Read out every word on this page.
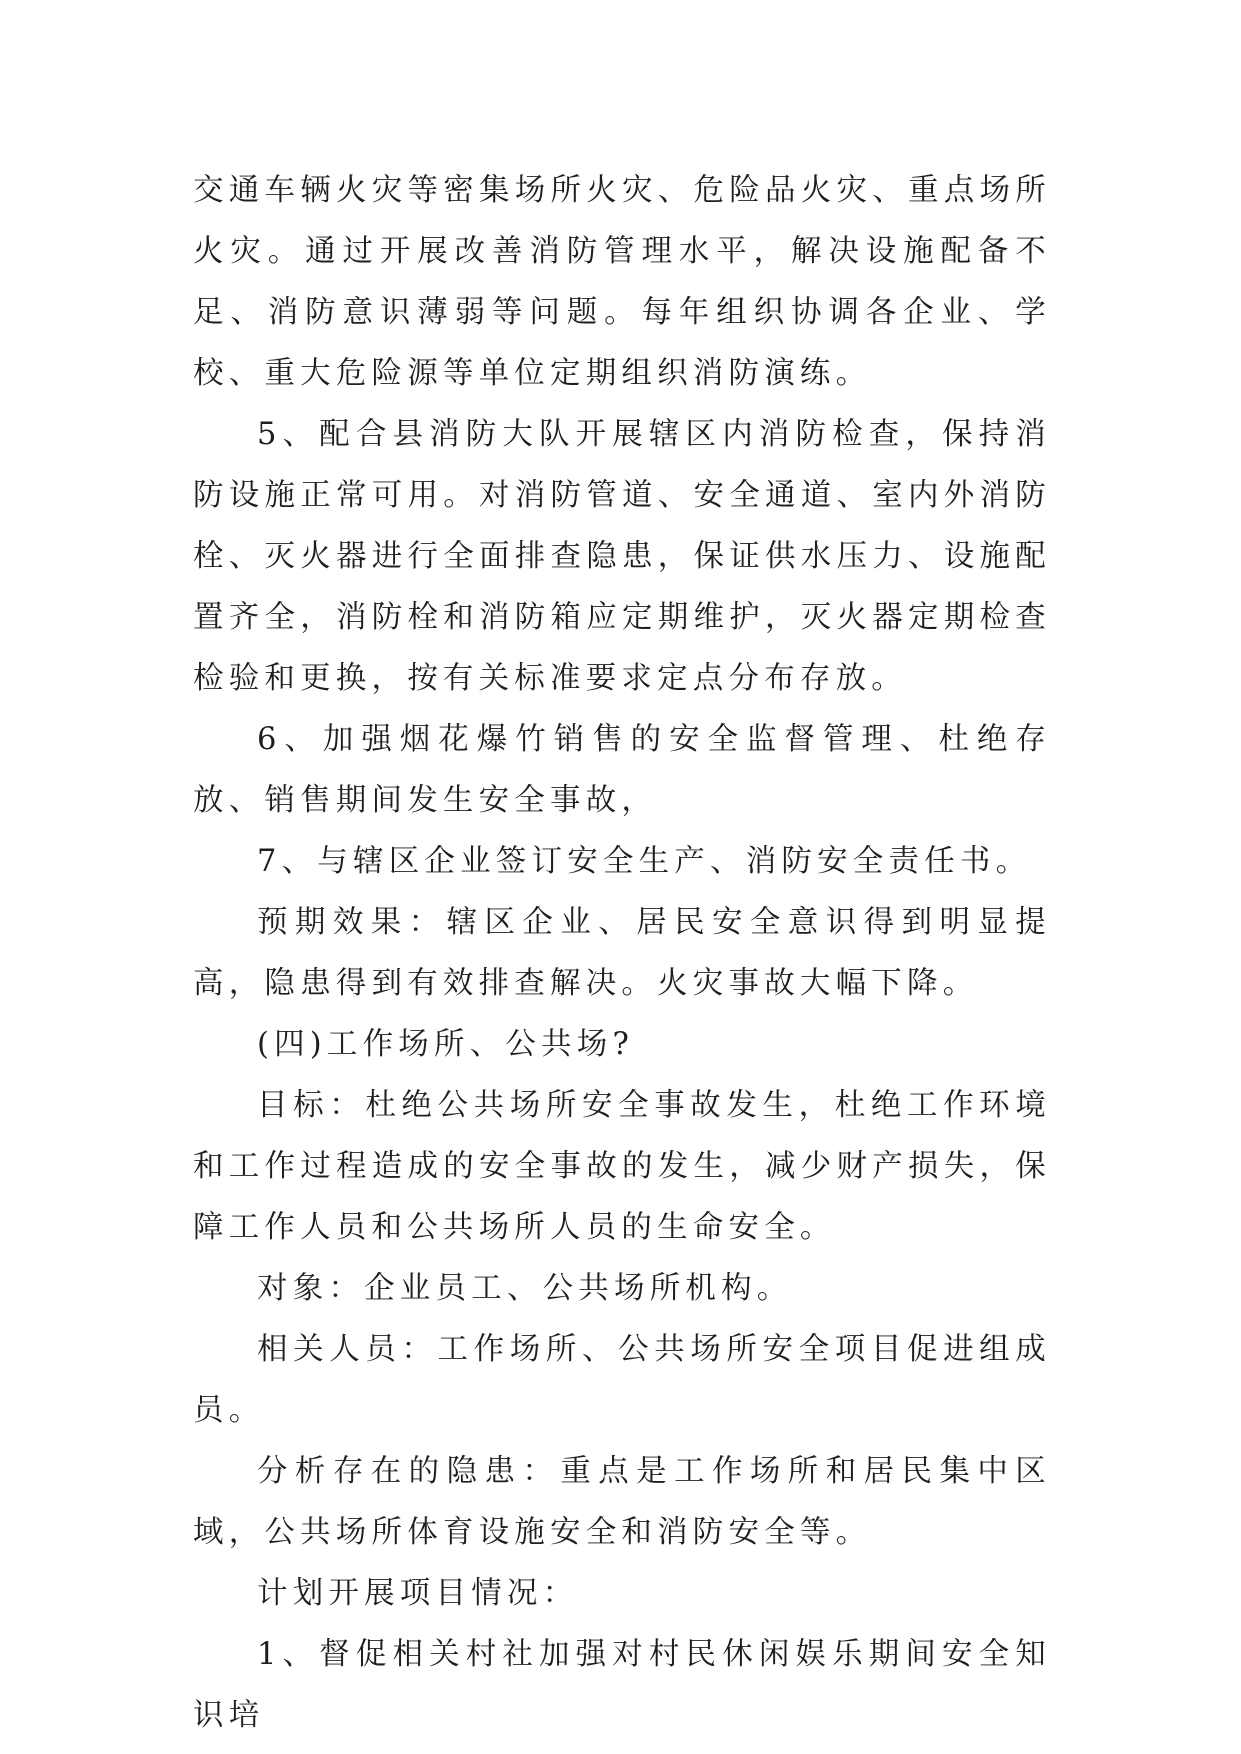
交通车辆火灾等密集场所火灾、危险品火灾、重点场所火灾。通过开展改善消防管理水平，解决设施配备不足、消防意识薄弱等问题。每年组织协调各企业、学校、重大危险源等单位定期组织消防演练。

5、配合县消防大队开展辖区内消防检查，保持消防设施正常可用。对消防管道、安全通道、室内外消防栓、灭火器进行全面排查隐患，保证供水压力、设施配置齐全，消防栓和消防箱应定期维护，灭火器定期检查检验和更换，按有关标准要求定点分布存放。

6、加强烟花爆竹销售的安全监督管理、杜绝存放、销售期间发生安全事故，

7、与辖区企业签订安全生产、消防安全责任书。

预期效果：辖区企业、居民安全意识得到明显提高，隐患得到有效排查解决。火灾事故大幅下降。

(四)工作场所、公共场?

目标：杜绝公共场所安全事故发生，杜绝工作环境和工作过程造成的安全事故的发生，减少财产损失，保障工作人员和公共场所人员的生命安全。

对象：企业员工、公共场所机构。

相关人员：工作场所、公共场所安全项目促进组成员。

分析存在的隐患：重点是工作场所和居民集中区域，公共场所体育设施安全和消防安全等。

计划开展项目情况：

1、督促相关村社加强对村民休闲娱乐期间安全知识培
